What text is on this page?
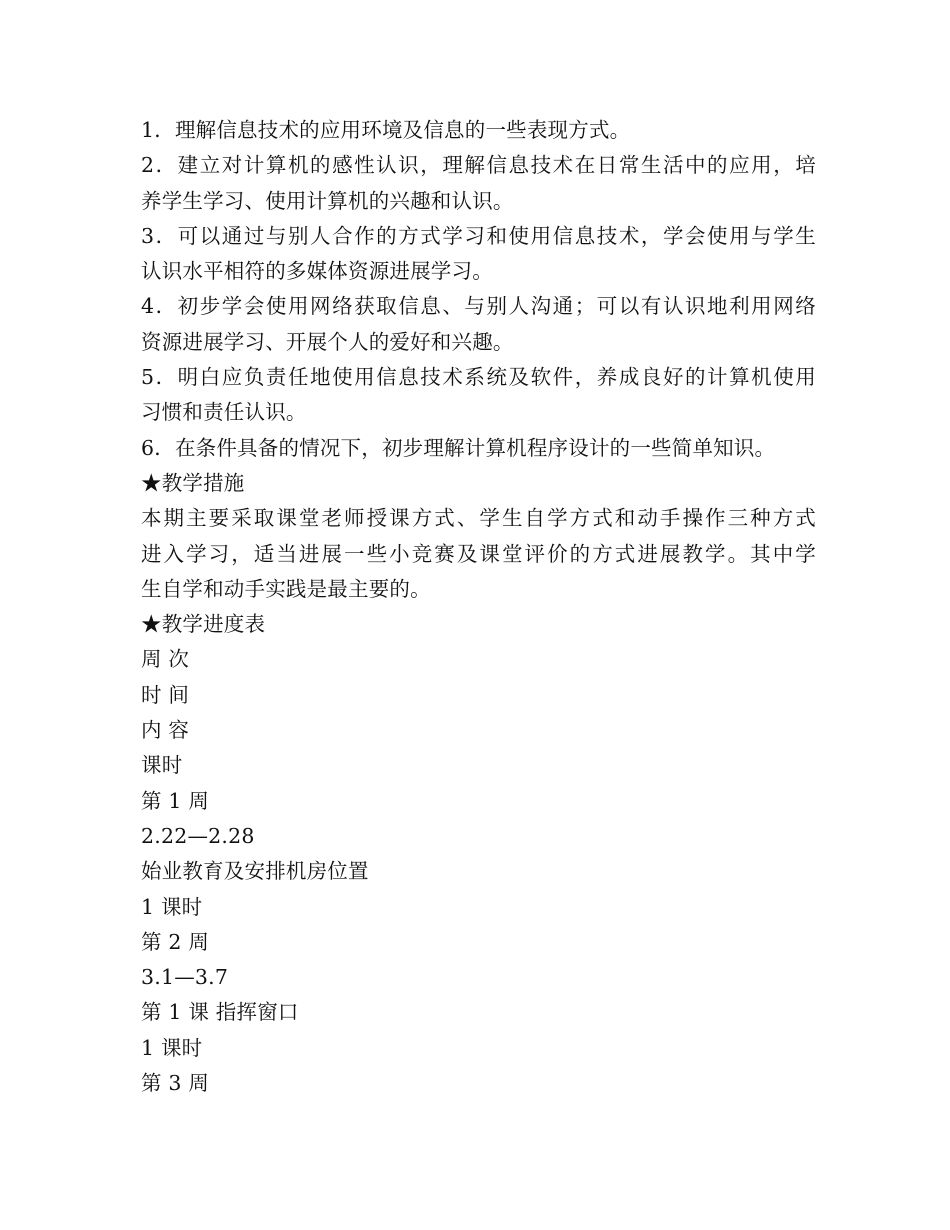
1．理解信息技术的应用环境及信息的一些表现方式。
2．建立对计算机的感性认识，理解信息技术在日常生活中的应用，培
养学生学习、使用计算机的兴趣和认识。
3．可以通过与别人合作的方式学习和使用信息技术，学会使用与学生
认识水平相符的多媒体资源进展学习。
4．初步学会使用网络获取信息、与别人沟通；可以有认识地利用网络
资源进展学习、开展个人的爱好和兴趣。
5．明白应负责任地使用信息技术系统及软件，养成良好的计算机使用
习惯和责任认识。
6．在条件具备的情况下，初步理解计算机程序设计的一些简单知识。
★教学措施
本期主要采取课堂老师授课方式、学生自学方式和动手操作三种方式
进入学习，适当进展一些小竞赛及课堂评价的方式进展教学。其中学
生自学和动手实践是最主要的。
★教学进度表
周 次
时 间
内 容
课时
第 1 周
2.22—2.28
始业教育及安排机房位置
1 课时
第 2 周
3.1—3.7
第 1 课 指挥窗口
1 课时
第 3 周
